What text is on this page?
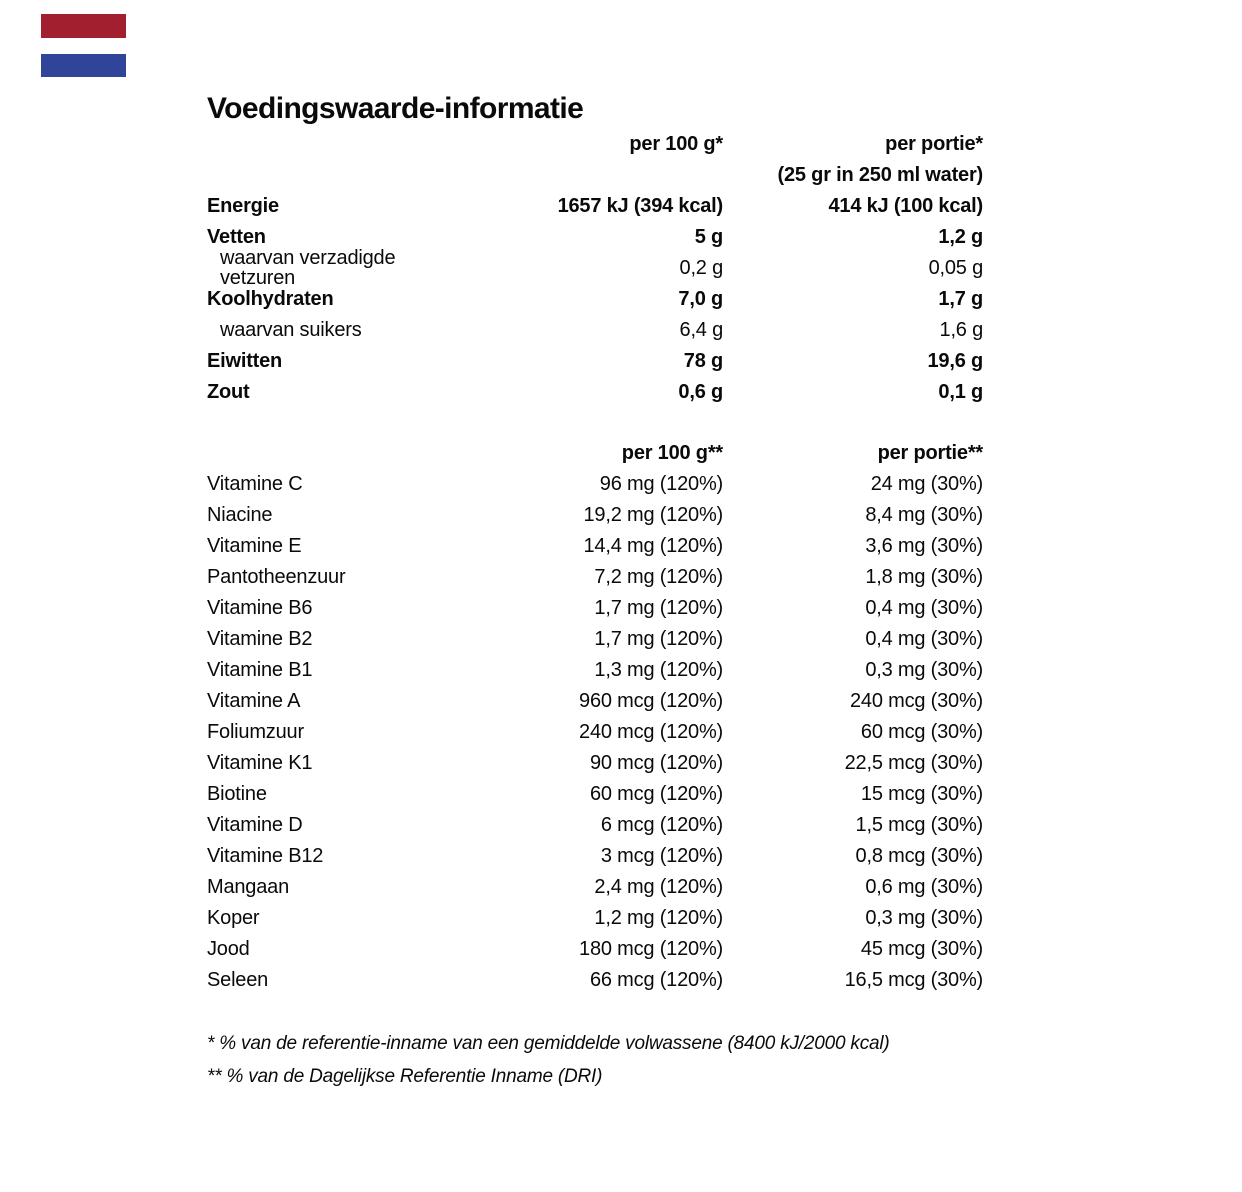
Voedingswaarde-informatie
per 100 g*	per portie*
(25 gr in 250 ml water)
Energie	1657 kJ (394 kcal)	414 kJ (100 kcal)
Vetten	5 g	1,2 g
waarvan verzadigde vetzuren	0,2 g	0,05 g
Koolhydraten	7,0 g	1,7 g
waarvan suikers	6,4 g	1,6 g
Eiwitten	78 g	19,6 g
Zout	0,6 g	0,1 g
per 100 g**	per portie**
Vitamine C	96 mg (120%)	24 mg (30%)
Niacine	19,2 mg (120%)	8,4 mg (30%)
Vitamine E	14,4 mg (120%)	3,6 mg (30%)
Pantotheenzuur	7,2 mg (120%)	1,8 mg (30%)
Vitamine B6	1,7 mg (120%)	0,4 mg (30%)
Vitamine B2	1,7 mg (120%)	0,4 mg (30%)
Vitamine B1	1,3 mg (120%)	0,3 mg (30%)
Vitamine A	960 mcg (120%)	240 mcg (30%)
Foliumzuur	240 mcg (120%)	60 mcg (30%)
Vitamine K1	90 mcg (120%)	22,5 mcg (30%)
Biotine	60 mcg (120%)	15 mcg (30%)
Vitamine D	6 mcg (120%)	1,5 mcg (30%)
Vitamine B12	3 mcg (120%)	0,8 mcg (30%)
Mangaan	2,4 mg (120%)	0,6 mg (30%)
Koper	1,2 mg (120%)	0,3 mg (30%)
Jood	180 mcg (120%)	45 mcg (30%)
Seleen	66 mcg (120%)	16,5 mcg (30%)

* % van de referentie-inname van een gemiddelde volwassene (8400 kJ/2000 kcal)

** % van de Dagelijkse Referentie Inname (DRI)
